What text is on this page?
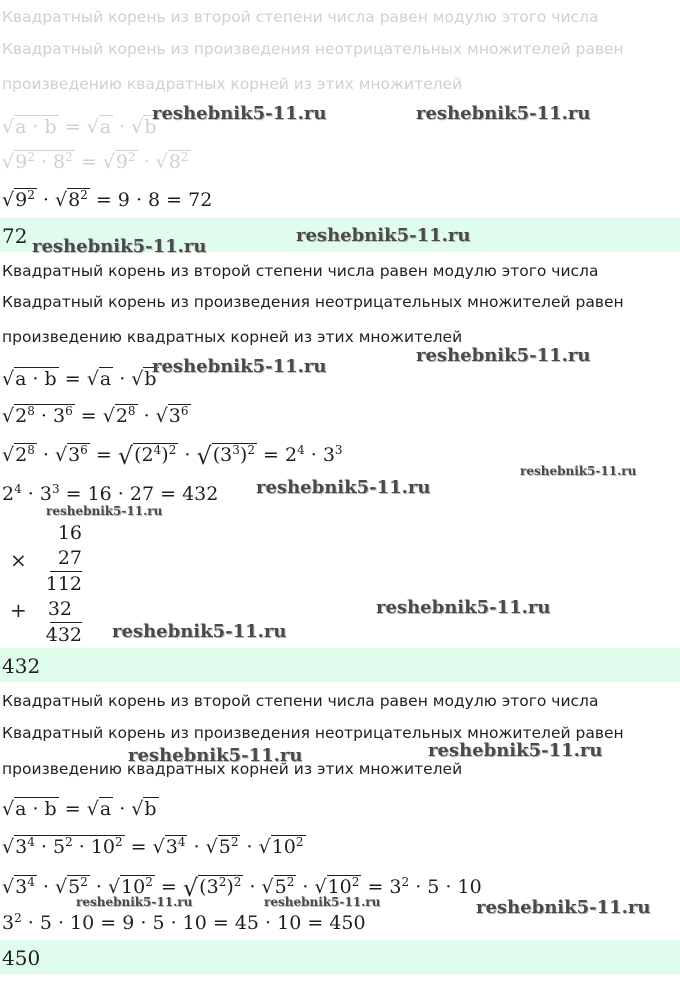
Квадратный корень из второй степени числа равен модулю этого числа
Квадратный корень из произведения неотрицательных множителей равен
произведению квадратных корней из этих множителей
√a · b = √a · √b
$√9^2 \cdot 8^2 = √9^2 \cdot √8^2$
$√9^2 \cdot √8^2 = 9 \cdot 8 = 72$
72
Квадратный корень из второй степени числа равен модулю этого числа
Квадратный корень из произведения неотрицательных множителей равен
произведению квадратных корней из этих множителей
√a · b = √a · √b
$√2^8 \cdot 3^6 = √2^8 \cdot √3^6$
$√2^8 \cdot √3^6 = √(2^4)^2 \cdot √(3^3)^2 = 2^4 \cdot 3^3$
$2^4 \cdot 3^3 = 16 \cdot 27 = 432$
16
×	27
112
+	32
432
432
Квадратный корень из второй степени числа равен модулю этого числа
Квадратный корень из произведения неотрицательных множителей равен
произведению квадратных корней из этих множителей
√a · b = √a · √b
$√3^4 \cdot 5^2 \cdot 10^2 = √3^4 \cdot √5^2 \cdot √10^2$
$√3^4 \cdot √5^2 \cdot √10^2 = √(3^2)^2 \cdot √5^2 \cdot √10^2 = 3^2 \cdot 5 \cdot 10$
$3^2 \cdot 5 \cdot 10 = 9 \cdot 5 \cdot 10 = 45 \cdot 10 = 450$
450
reshebnik5-11.ru	reshebnik5-11.ru
reshebnik5-11.ru
reshebnik5-11.ru
reshebnik5-11.ru
reshebnik5-11.ru
reshebnik5-11.ru
reshebnik5-11.ru
reshebnik5-11.ru
reshebnik5-11.ru
reshebnik5-11.ru
reshebnik5-11.ru
reshebnik5-11.ru
reshebnik5-11.ru	reshebnik5-11.ru	reshebnik5-11.ru
